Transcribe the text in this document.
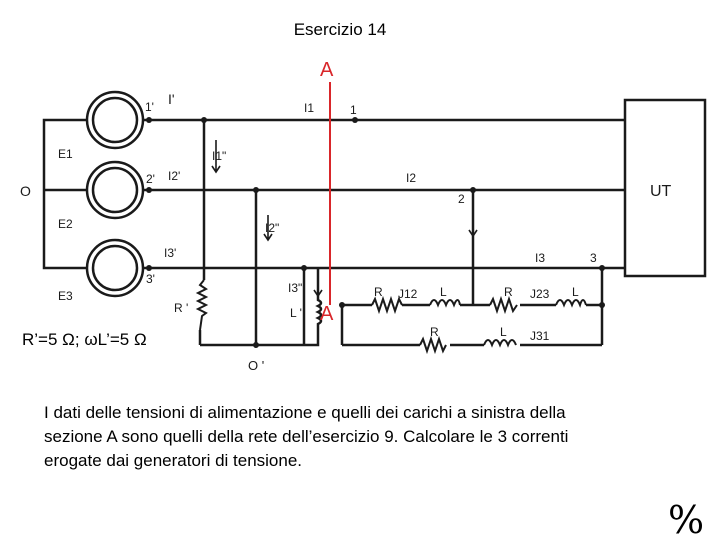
Esercizio 14
A
A
E1
E2
E3
O
1'
2'
3'
1
2
3
I'
I1
I1"
I2'	I2
I2"
I3'	I3
I3"
R '	L '
R J12 L	R J23 L
R	L J31
O '
UT
R’=5 Ω; ωL’=5 Ω
I dati delle tensioni di alimentazione e quelli dei carichi a sinistra della
sezione A sono quelli della rete dell’esercizio 9. Calcolare le 3 correnti
erogate dai generatori di tensione.
%
